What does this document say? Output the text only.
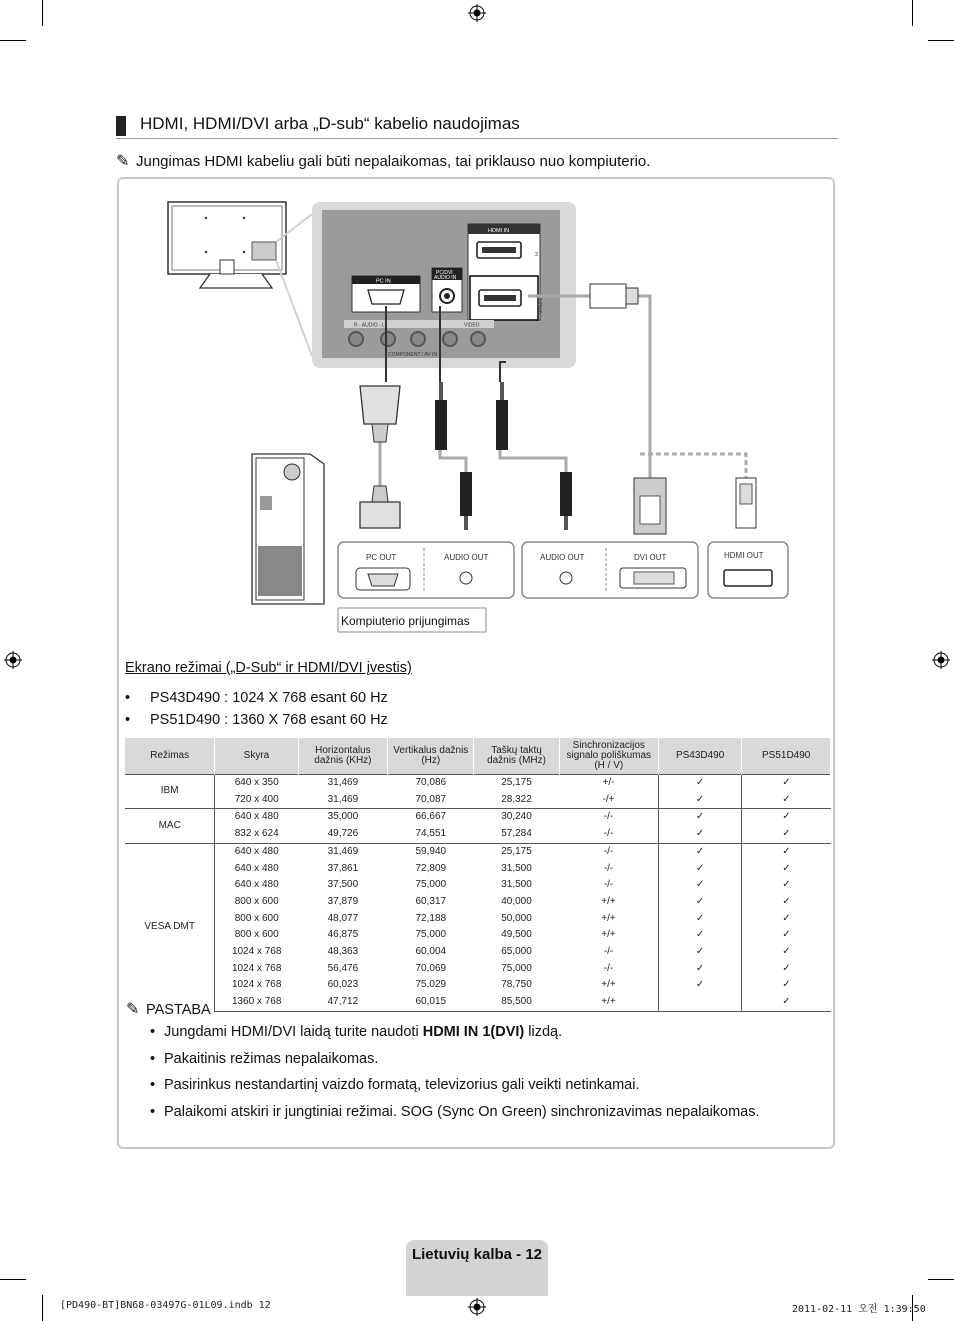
HDMI, HDMI/DVI arba „D-sub“ kabelio naudojimas
✎ Jungimas HDMI kabeliu gali būti nepalaikomas, tai priklauso nuo kompiuterio.
HDMI IN
2
1(DVI)
PC IN
PC/DVI
AUDIO IN
R - AUDIO - L	VIDEO
COMPONENT / AV IN
PC OUT	AUDIO OUT	AUDIO OUT	DVI OUT	HDMI OUT
Kompiuterio prijungimas
Ekrano režimai („D-Sub“ ir HDMI/DVI įvestis)
• PS43D490 : 1024 X 768 esant 60 Hz
• PS51D490 : 1360 X 768 esant 60 Hz
Režimas	Skyra	Horizontalus dažnis (KHz)	Vertikalus dažnis (Hz)	Taškų taktų dažnis (MHz)	Sinchronizacijos signalo poliškumas (H / V)	PS43D490	PS51D490
IBM	640 x 350	31,469	70,086	25,175	+/-	✓	✓
	720 x 400	31,469	70,087	28,322	-/+	✓	✓
MAC	640 x 480	35,000	66,667	30,240	-/-	✓	✓
	832 x 624	49,726	74,551	57,284	-/-	✓	✓
VESA DMT	640 x 480	31,469	59,940	25,175	-/-	✓	✓
	640 x 480	37,861	72,809	31,500	-/-	✓	✓
	640 x 480	37,500	75,000	31,500	-/-	✓	✓
	800 x 600	37,879	60,317	40,000	+/+	✓	✓
	800 x 600	48,077	72,188	50,000	+/+	✓	✓
	800 x 600	46,875	75,000	49,500	+/+	✓	✓
	1024 x 768	48,363	60,004	65,000	-/-	✓	✓
	1024 x 768	56,476	70,069	75,000	-/-	✓	✓
	1024 x 768	60,023	75,029	78,750	+/+	✓	✓
	1360 x 768	47,712	60,015	85,500	+/+		✓
✎ PASTABA
• Jungdami HDMI/DVI laidą turite naudoti HDMI IN 1(DVI) lizdą.
• Pakaitinis režimas nepalaikomas.
• Pasirinkus nestandartinį vaizdo formatą, televizorius gali veikti netinkamai.
• Palaikomi atskiri ir jungtiniai režimai. SOG (Sync On Green) sinchronizavimas nepalaikomas.
Lietuvių kalba - 12
[PD490-BT]BN68-03497G-01L09.indb 12	2011-02-11 오전 1:39:50
